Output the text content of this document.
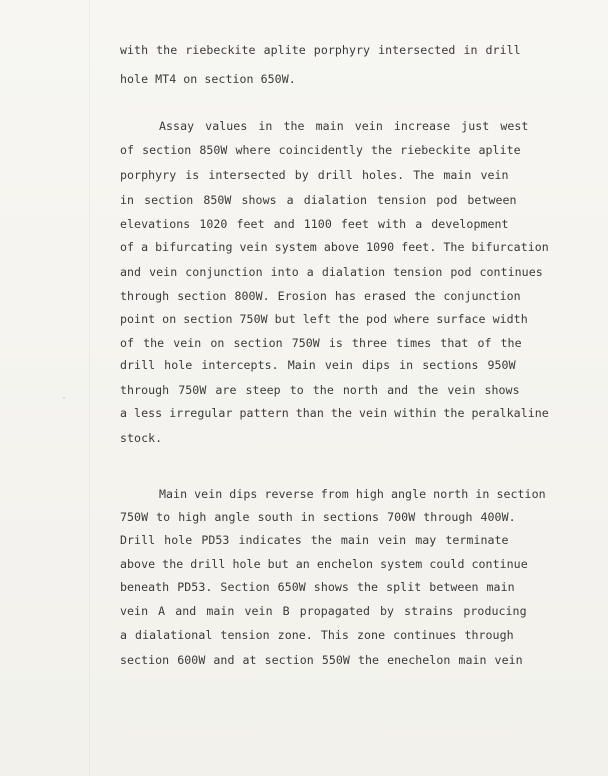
with the riebeckite aplite porphyry intersected in drill
hole MT4 on section 650W.
Assay values in the main vein increase just west
of section 850W where coincidently the riebeckite aplite
porphyry is intersected by drill holes. The main vein
in section 850W shows a dialation tension pod between
elevations 1020 feet and 1100 feet with a development
of a bifurcating vein system above 1090 feet. The bifurcation
and vein conjunction into a dialation tension pod continues
through section 800W. Erosion has erased the conjunction
point on section 750W but left the pod where surface width
of the vein on section 750W is three times that of the
drill hole intercepts. Main vein dips in sections 950W
through 750W are steep to the north and the vein shows
a less irregular pattern than the vein within the peralkaline
stock.
Main vein dips reverse from high angle north in section
750W to high angle south in sections 700W through 400W.
Drill hole PD53 indicates the main vein may terminate
above the drill hole but an enchelon system could continue
beneath PD53. Section 650W shows the split between main
vein A and main vein B propagated by strains producing
a dialational tension zone. This zone continues through
section 600W and at section 550W the enechelon main vein
